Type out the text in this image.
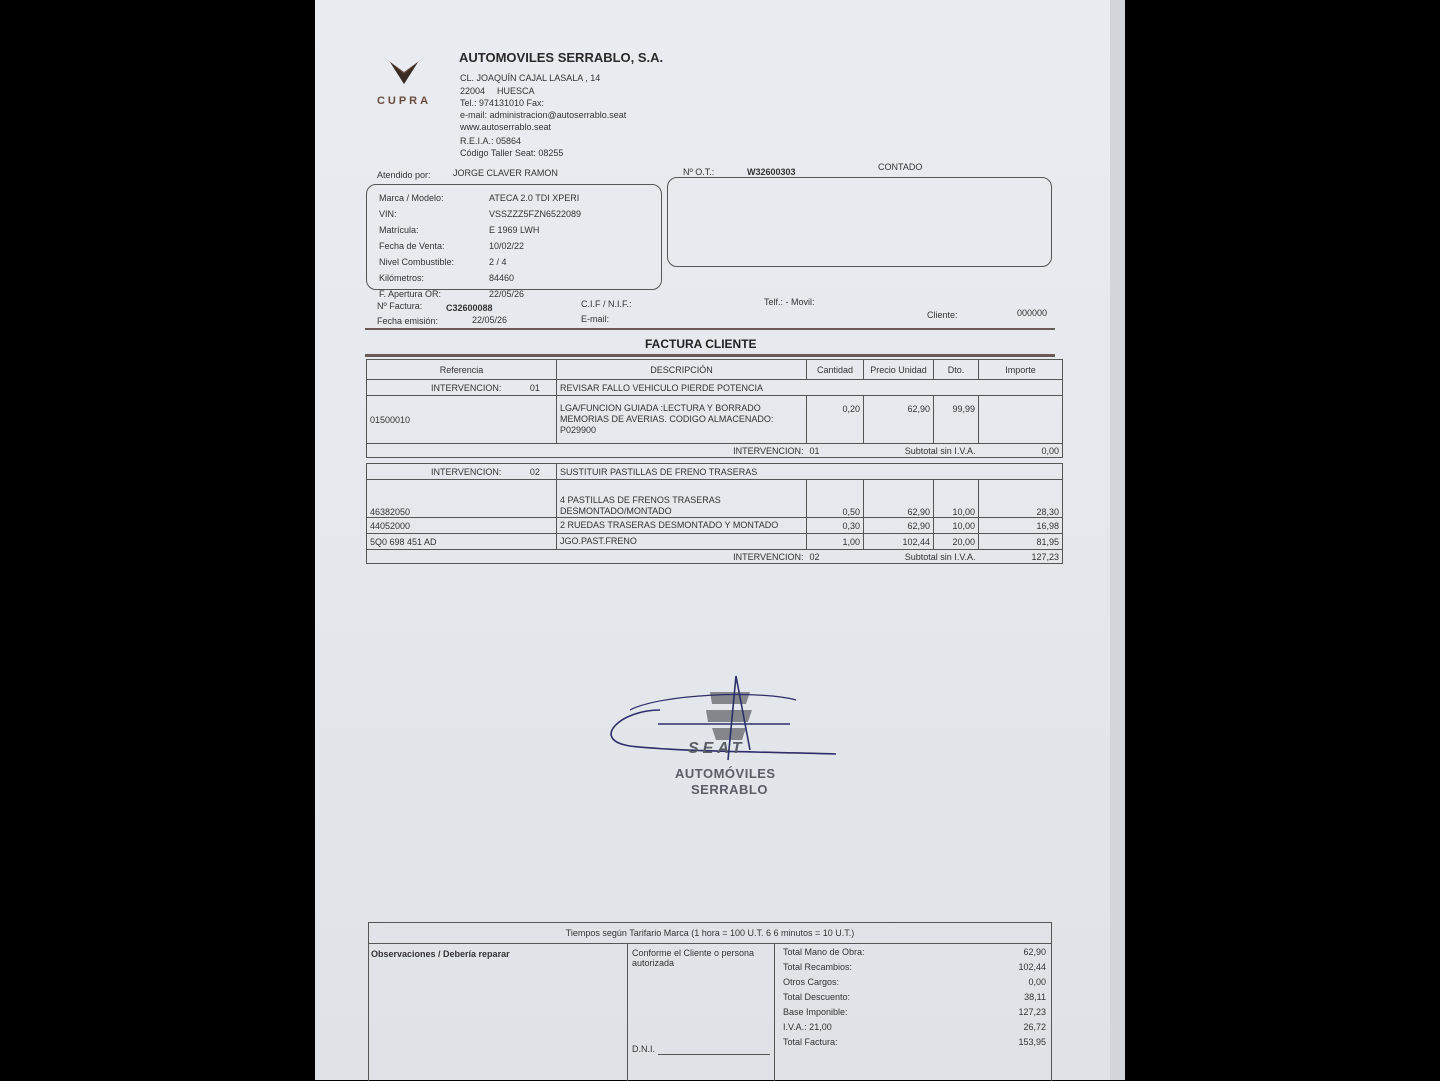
CUPRA
AUTOMOVILES SERRABLO, S.A.
CL. JOAQUÍN CAJAL LASALA , 14
22004 HUESCA
Tel.: 974131010 Fax:
e-mail: administracion@autoserrablo.seat
www.autoserrablo.seat
R.E.I.A.: 05864
Código Taller Seat: 08255
Atendido por: JORGE CLAVER RAMON	Nº O.T.:	W32600303	CONTADO
Marca / Modelo:	ATECA 2.0 TDI XPERI
VIN:	VSSZZZ5FZN6522089
Matrícula:	E 1969 LWH
Fecha de Venta:	10/02/22
Nivel Combustible:	2 / 4
Kilómetros:	84460
F. Apertura OR:	22/05/26
Nº Factura:	C32600088
Fecha emisión:	22/05/26
C.I.F / N.I.F.:
E-mail:
Telf.: - Movil:
Cliente:	000000
FACTURA CLIENTE
Referencia	DESCRIPCIÓN	Cantidad	Precio Unidad	Dto.	Importe
INTERVENCION: 01	REVISAR FALLO VEHICULO PIERDE POTENCIA				
01500010	LGA/FUNCION GUIADA :LECTURA Y BORRADO MEMORIAS DE AVERIAS. CODIGO ALMACENADO: P029900	0,20	62,90	99,99	
INTERVENCION:		01	Subtotal sin I.V.A.		0,00

INTERVENCION: 02	SUSTITUIR PASTILLAS DE FRENO TRASERAS				
46382050	4 PASTILLAS DE FRENOS TRASERAS DESMONTADO/MONTADO	0,50	62,90	10,00	28,30
44052000	2 RUEDAS TRASERAS DESMONTADO Y MONTADO	0,30	62,90	10,00	16,98
5Q0 698 451 AD	JGO.PAST.FRENO	1,00	102,44	20,00	81,95
INTERVENCION:		02	Subtotal sin I.V.A.		127,23
SEAT
AUTOMÓVILES
SERRABLO
Tiempos según Tarifario Marca (1 hora = 100 U.T. 6 6 minutos = 10 U.T.)
Observaciones / Debería reparar	Conforme el Cliente o persona autorizada
D.N.I.
Total Mano de Obra:	62,90
Total Recambios:	102,44
Otros Cargos:	0,00
Total Descuento:	38,11
Base Imponible:	127,23
I.V.A.: 21,00	26,72
Total Factura:	153,95
